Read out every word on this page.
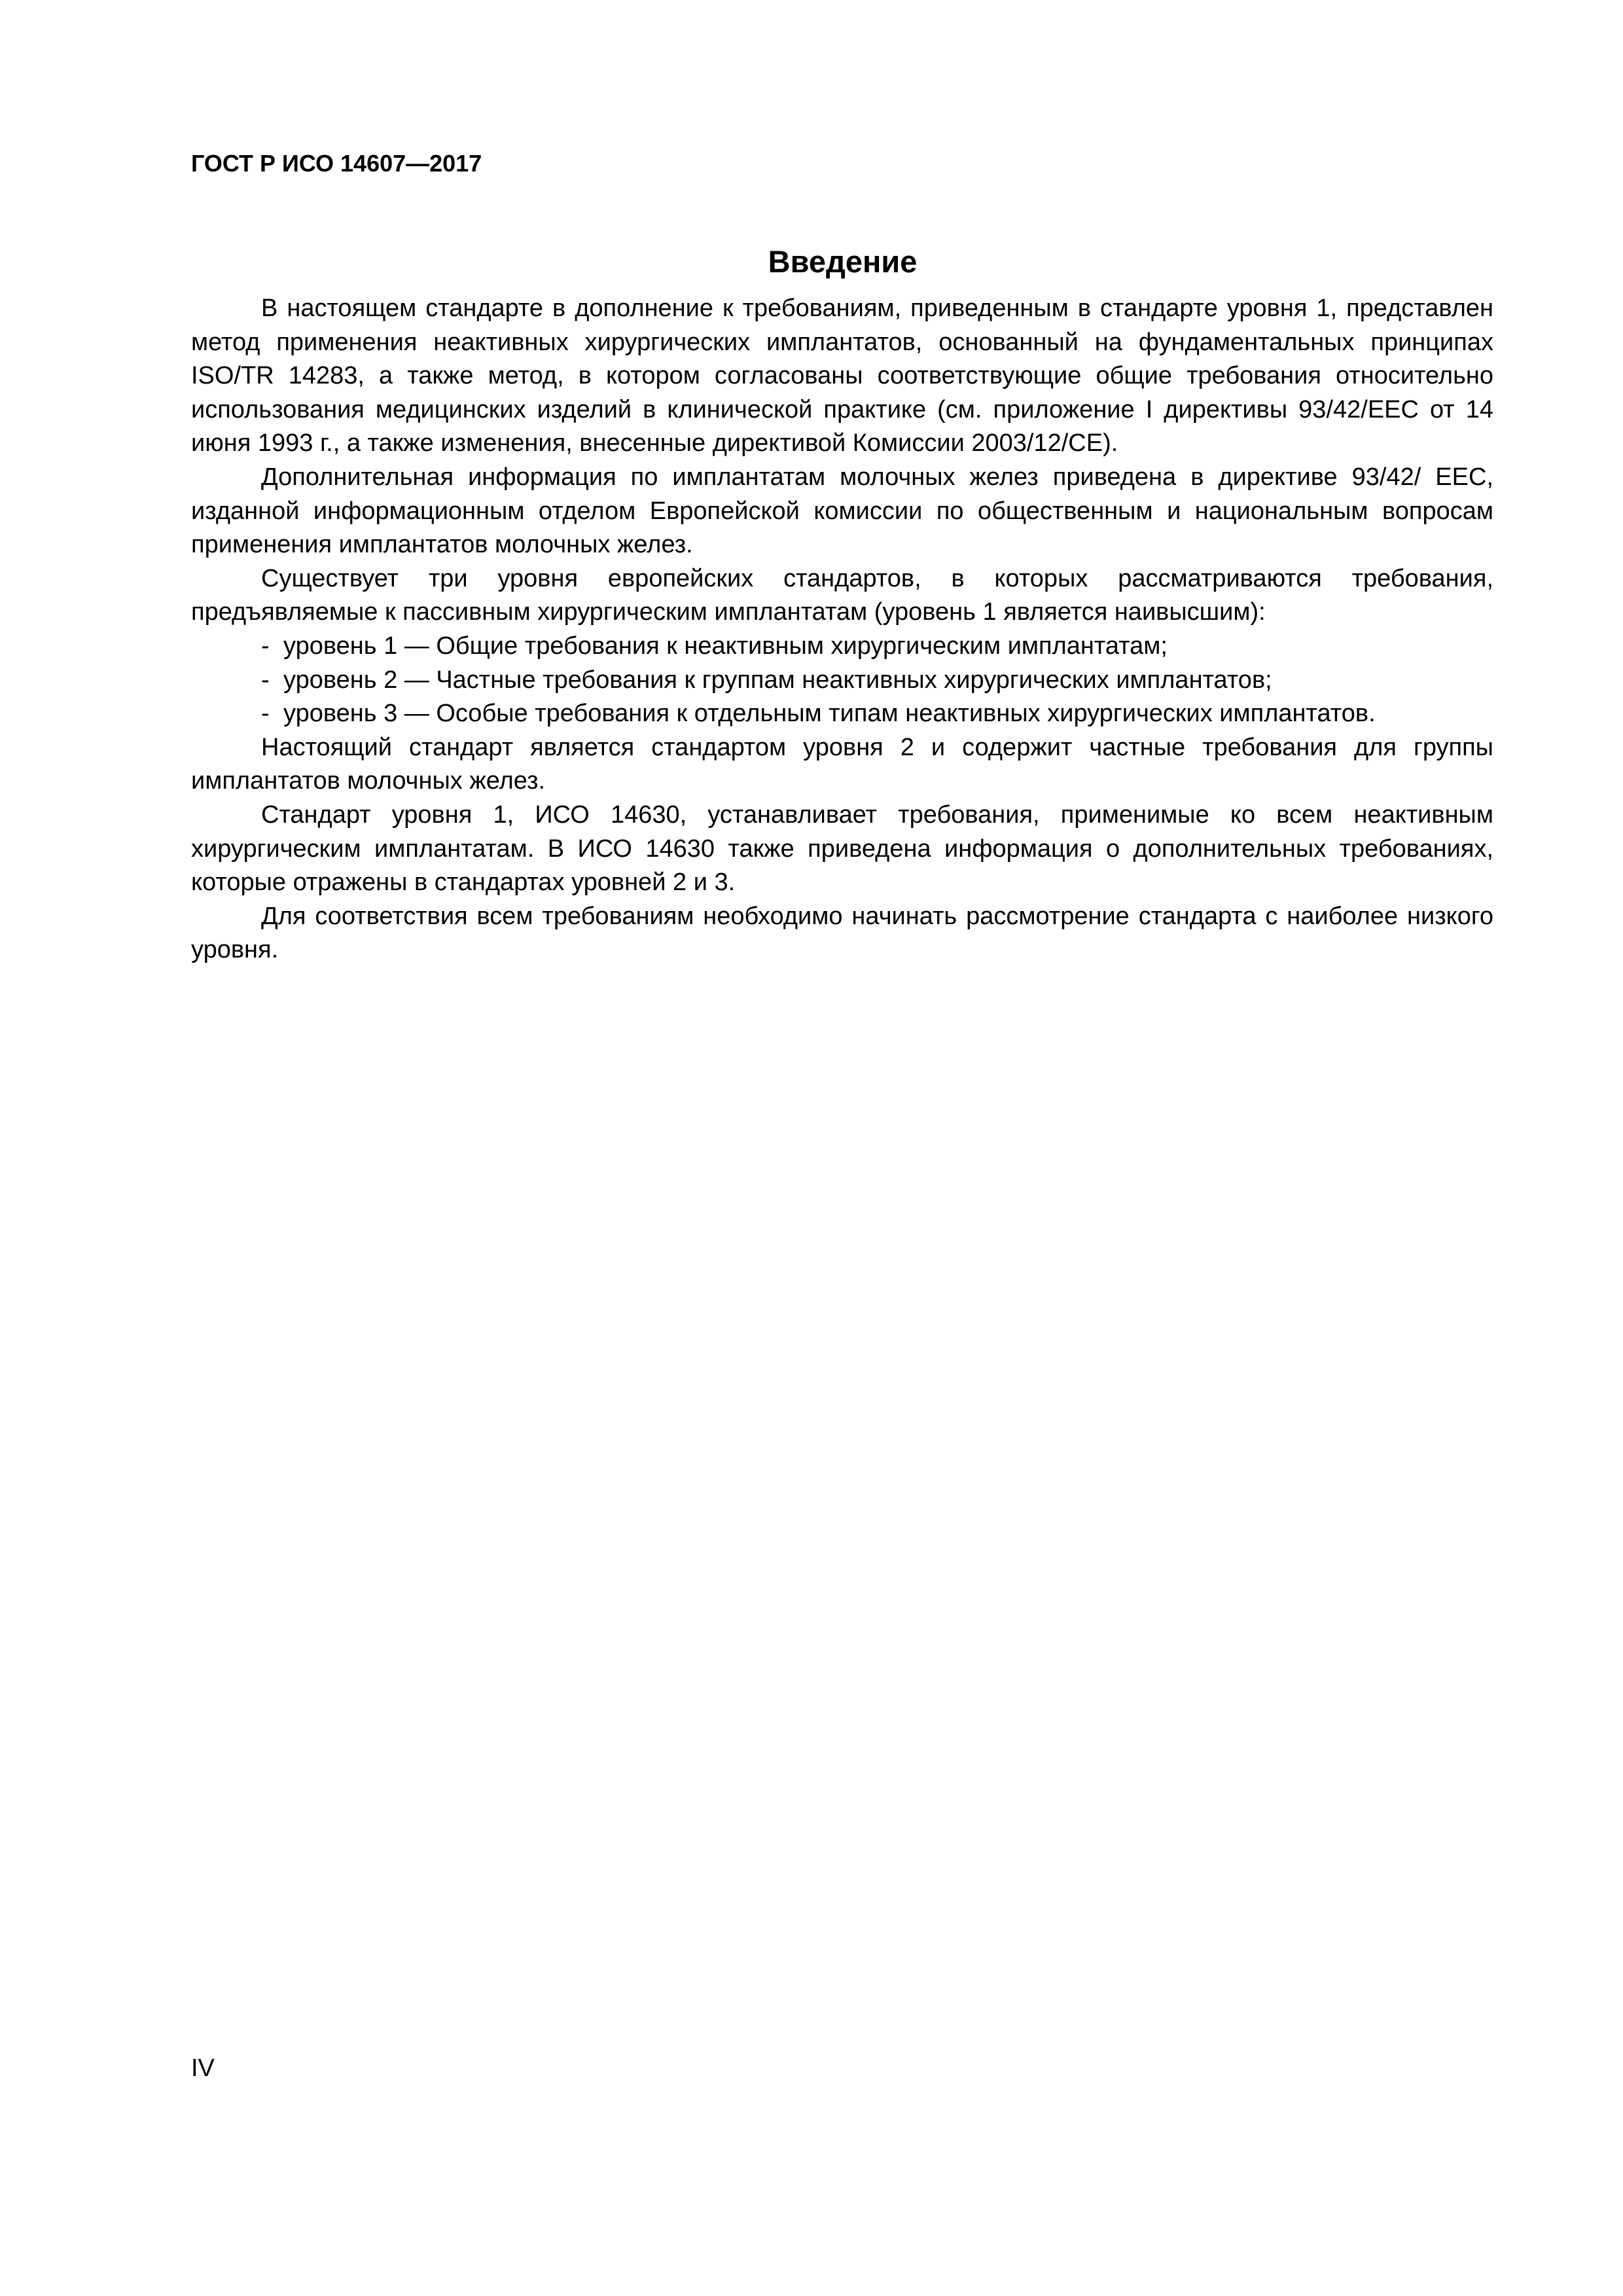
ГОСТ Р ИСО 14607—2017
Введение

В настоящем стандарте в дополнение к требованиям, приведенным в стандарте уровня 1, представлен метод применения неактивных хирургических имплантатов, основанный на фундаментальных принципах ISO/TR 14283, а также метод, в котором согласованы соответствующие общие требования относительно использования медицинских изделий в клинической практике (см. приложение I директивы 93/42/EEC от 14 июня 1993 г., а также изменения, внесенные директивой Комиссии 2003/12/CE).

Дополнительная информация по имплантатам молочных желез приведена в директиве 93/42/ EEC, изданной информационным отделом Европейской комиссии по общественным и национальным вопросам применения имплантатов молочных желез.

Существует три уровня европейских стандартов, в которых рассматриваются требования, предъявляемые к пассивным хирургическим имплантатам (уровень 1 является наивысшим):

- уровень 1 — Общие требования к неактивным хирургическим имплантатам;
- уровень 2 — Частные требования к группам неактивных хирургических имплантатов;
- уровень 3 — Особые требования к отдельным типам неактивных хирургических имплантатов.

Настоящий стандарт является стандартом уровня 2 и содержит частные требования для группы имплантатов молочных желез.

Стандарт уровня 1, ИСО 14630, устанавливает требования, применимые ко всем неактивным хирургическим имплантатам. В ИСО 14630 также приведена информация о дополнительных требованиях, которые отражены в стандартах уровней 2 и 3.

Для соответствия всем требованиям необходимо начинать рассмотрение стандарта с наиболее низкого уровня.

IV
